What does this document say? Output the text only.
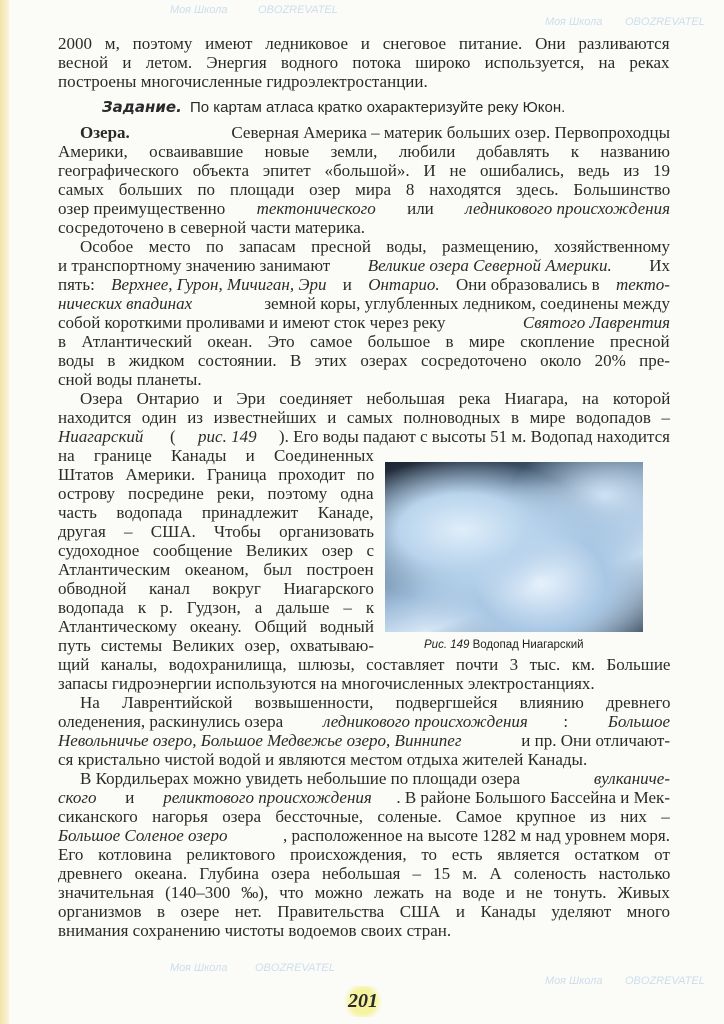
2000 м, поэтому имеют ледниковое и снеговое питание. Они разливаются
весной и летом. Энергия водного потока широко используется, на реках
построены многочисленные гидроэлектростанции.
Задание. По картам атласа кратко охарактеризуйте реку Юкон.
Озера.	Северная Америка – материк больших озер. Первопроходцы
Америки, осваивавшие новые земли, любили добавлять к названию
географического объекта эпитет «большой». И не ошибались, ведь из 19
самых больших по площади озер мира 8 находятся здесь. Большинство
озер преимущественно тектонического или ледникового происхождения
сосредоточено в северной части материка.
Особое место по запасам пресной воды, размещению, хозяйственному
и транспортному значению занимают Великие озера Северной Америки. Их
пять: Верхнее, Гурон, Мичиган, Эри и Онтарио. Они образовались в текто-
нических впадинах	земной коры, углубленных ледником, соединены между
собой короткими проливами и имеют сток через реку	Святого Лаврентия
в Атлантический океан. Это самое большое в мире скопление пресной
воды в жидком состоянии. В этих озерах сосредоточено около 20% пре-
сной воды планеты.
Озера Онтарио и Эри соединяет небольшая река Ниагара, на которой
находится один из известнейших и самых полноводных в мире водопадов –
Ниагарский ( рис. 149 ). Его воды падают с высоты 51 м. Водопад находится
на границе Канады и Соединенных
Штатов Америки. Граница проходит по
острову посредине реки, поэтому одна
часть водопада принадлежит Канаде,
другая – США. Чтобы организовать
судоходное сообщение Великих озер с
Атлантическим океаном, был построен
обводной канал вокруг Ниагарского
водопада к р. Гудзон, а дальше – к
Атлантическому океану. Общий водный
путь системы Великих озер, охватываю-
щий каналы, водохранилища, шлюзы, составляет почти 3 тыс. км. Большие
запасы гидроэнергии используются на многочисленных электростанциях.
На Лаврентийской возвышенности, подвергшейся влиянию древнего
оледенения, раскинулись озера ледникового происхождения : Большое
Невольничье озеро, Большое Медвежье озеро, Виннипег	и пр. Они отличают-
ся кристально чистой водой и являются местом отдыха жителей Канады.
В Кордильерах можно увидеть небольшие по площади озера	вулканиче-
ского и реликтового происхождения . В районе Большого Бассейна и Мек-
сиканского нагорья озера бессточные, соленые. Самое крупное из них –
Большое Соленое озеро	, расположенное на высоте 1282 м над уровнем моря.
Его котловина реликтового происхождения, то есть является остатком от
древнего океана. Глубина озера небольшая – 15 м. А соленость настолько
значительная (140–300 ‰), что можно лежать на воде и не тонуть. Живых
организмов в озере нет. Правительства США и Канады уделяют много
внимания сохранению чистоты водоемов своих стран.
Рис. 149 Водопад Ниагарский
201
Моя Школа	OBOZREVATEL
Моя Школа OBOZREVATEL
Моя Школа	OBOZREVATEL
Моя Школа OBOZREVATEL
